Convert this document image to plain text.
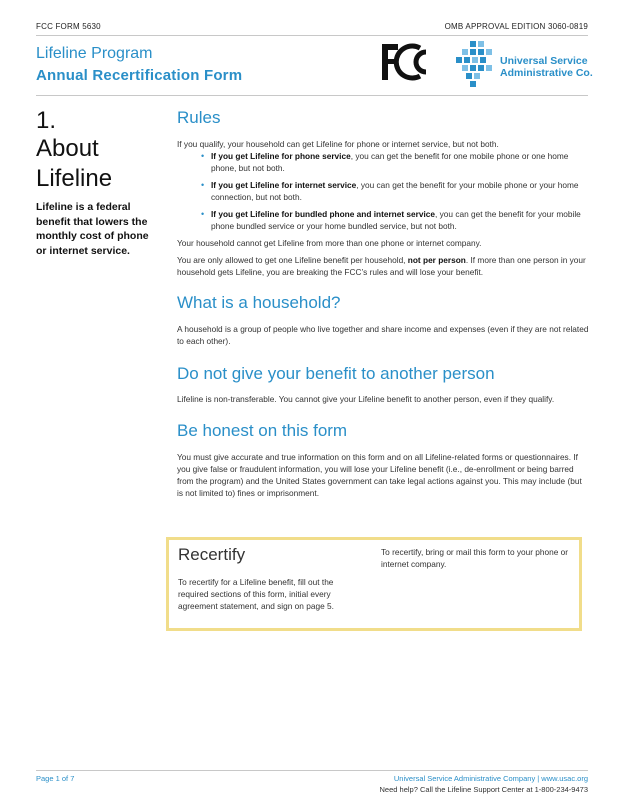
FCC FORM 5630	OMB APPROVAL EDITION 3060-0819
Lifeline Program
Annual Recertification Form
Universal Service
Administrative Co.
1.
About Lifeline
Lifeline is a federal benefit that lowers the monthly cost of phone or internet service.
Rules
If you qualify, your household can get Lifeline for phone or internet service, but not both.
• If you get Lifeline for phone service, you can get the benefit for one mobile phone or one home phone, but not both.
• If you get Lifeline for internet service, you can get the benefit for your mobile phone or your home connection, but not both.
• If you get Lifeline for bundled phone and internet service, you can get the benefit for your mobile phone bundled service or your home bundled service, but not both.
Your household cannot get Lifeline from more than one phone or internet company.
You are only allowed to get one Lifeline benefit per household, not per person. If more than one person in your household gets Lifeline, you are breaking the FCC’s rules and will lose your benefit.
What is a household?
A household is a group of people who live together and share income and expenses (even if they are not related to each other).
Do not give your benefit to another person
Lifeline is non-transferable. You cannot give your Lifeline benefit to another person, even if they qualify.
Be honest on this form
You must give accurate and true information on this form and on all Lifeline-related forms or questionnaires. If you give false or fraudulent information, you will lose your Lifeline benefit (i.e., de-enrollment or being barred from the program) and the United States government can take legal actions against you. This may include (but is not limited to) fines or imprisonment.
Recertify
To recertify for a Lifeline benefit, fill out the required sections of this form, initial every agreement statement, and sign on page 5.
To recertify, bring or mail this form to your phone or internet company.
Page 1 of 7	Universal Service Administrative Company | www.usac.org
Need help? Call the Lifeline Support Center at 1-800-234-9473
